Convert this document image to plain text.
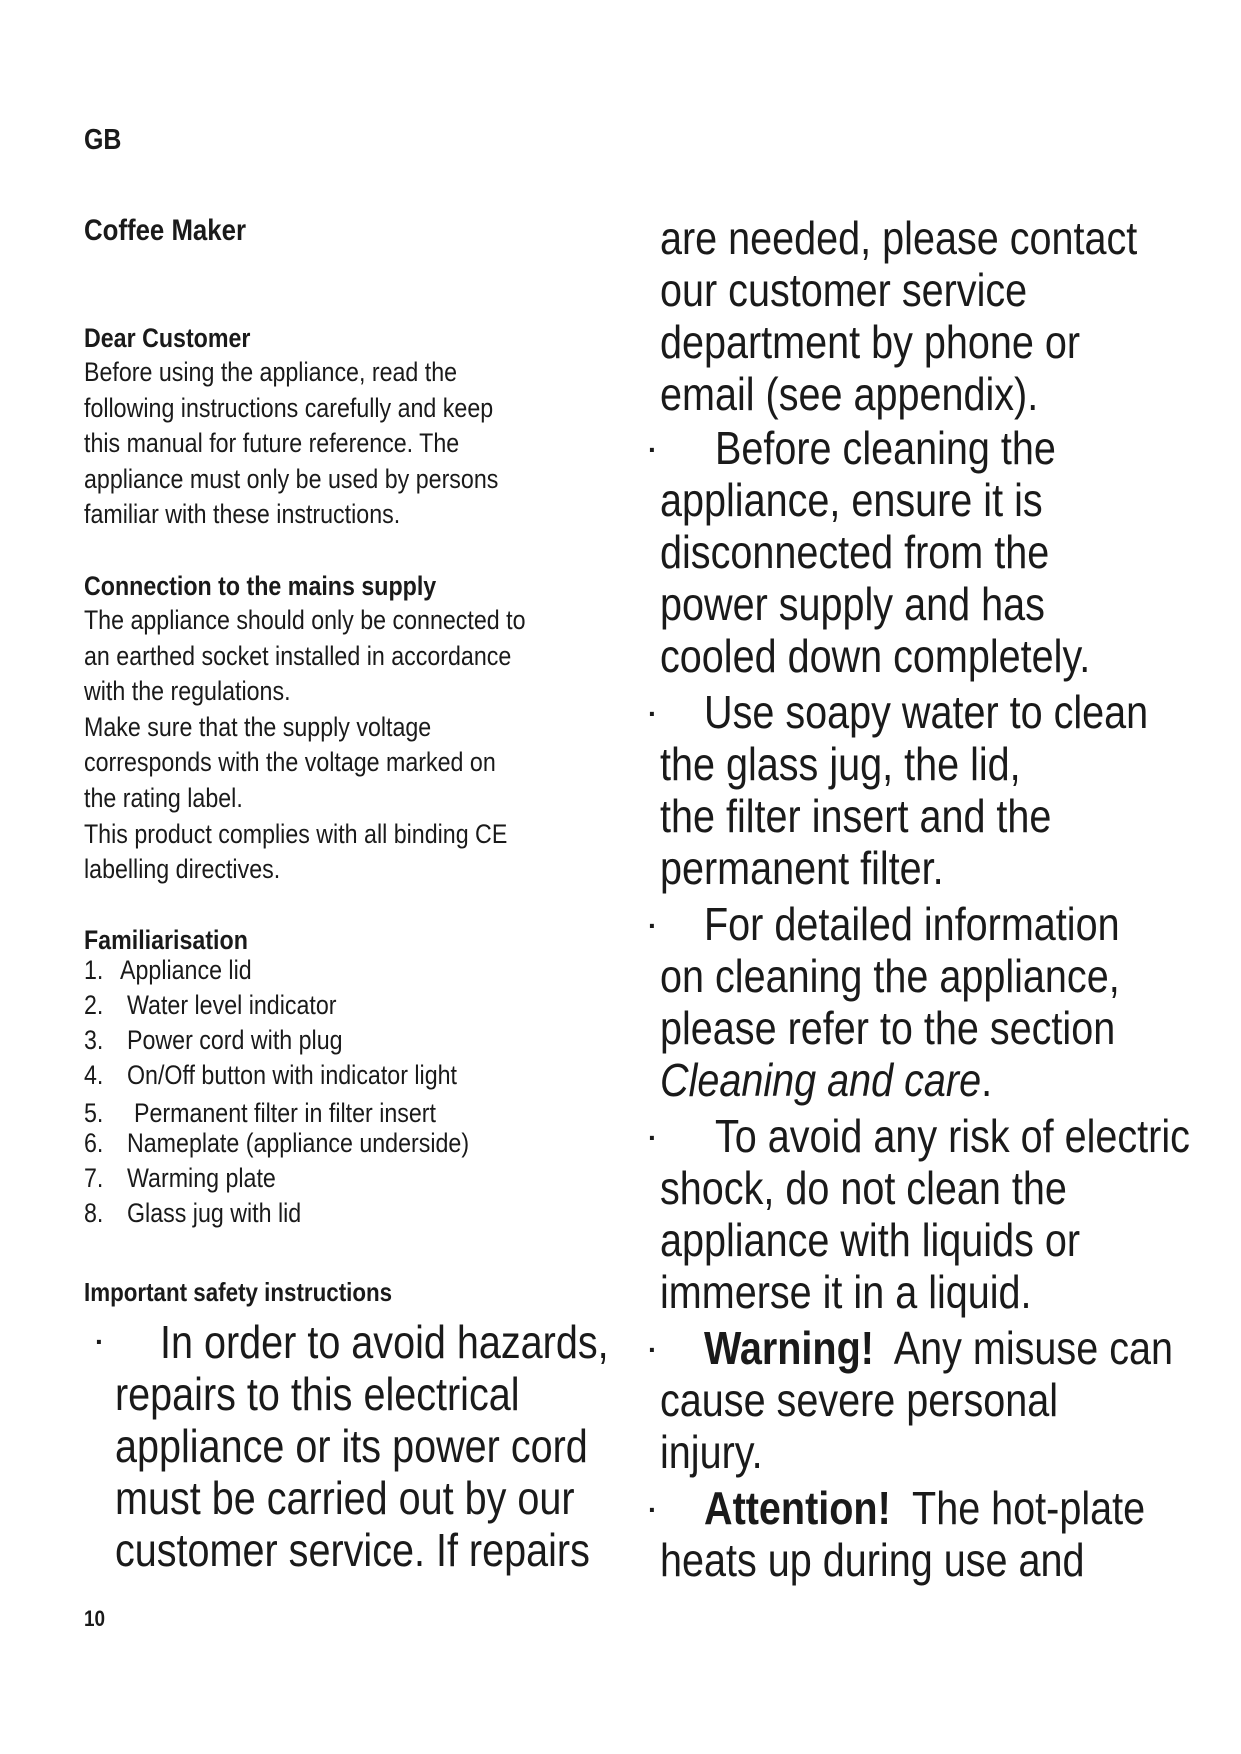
GB
Coffee Maker
Dear Customer
Before using the appliance, read the
following instructions carefully and keep
this manual for future reference. The
appliance must only be used by persons
familiar with these instructions.
Connection to the mains supply
The appliance should only be connected to
an earthed socket installed in accordance
with the regulations.
Make sure that the supply voltage
corresponds with the voltage marked on
the rating label.
This product complies with all binding CE
labelling directives.
Familiarisation
1. Appliance lid
2. Water level indicator
3. Power cord with plug
4. On/Off button with indicator light
5. Permanent filter in filter insert
6. Nameplate (appliance underside)
7. Warming plate
8. Glass jug with lid
Important safety instructions
· In order to avoid hazards,
repairs to this electrical
appliance or its power cord
must be carried out by our
customer service. If repairs
are needed, please contact
our customer service
department by phone or
email (see appendix).
· Before cleaning the
appliance, ensure it is
disconnected from the
power supply and has
cooled down completely.
· Use soapy water to clean
the glass jug, the lid,
the filter insert and the
permanent filter.
· For detailed information
on cleaning the appliance,
please refer to the section
Cleaning and care.
· To avoid any risk of electric
shock, do not clean the
appliance with liquids or
immerse it in a liquid.
· Warning! Any misuse can
cause severe personal
injury.
· Attention! The hot-plate
heats up during use and
10
